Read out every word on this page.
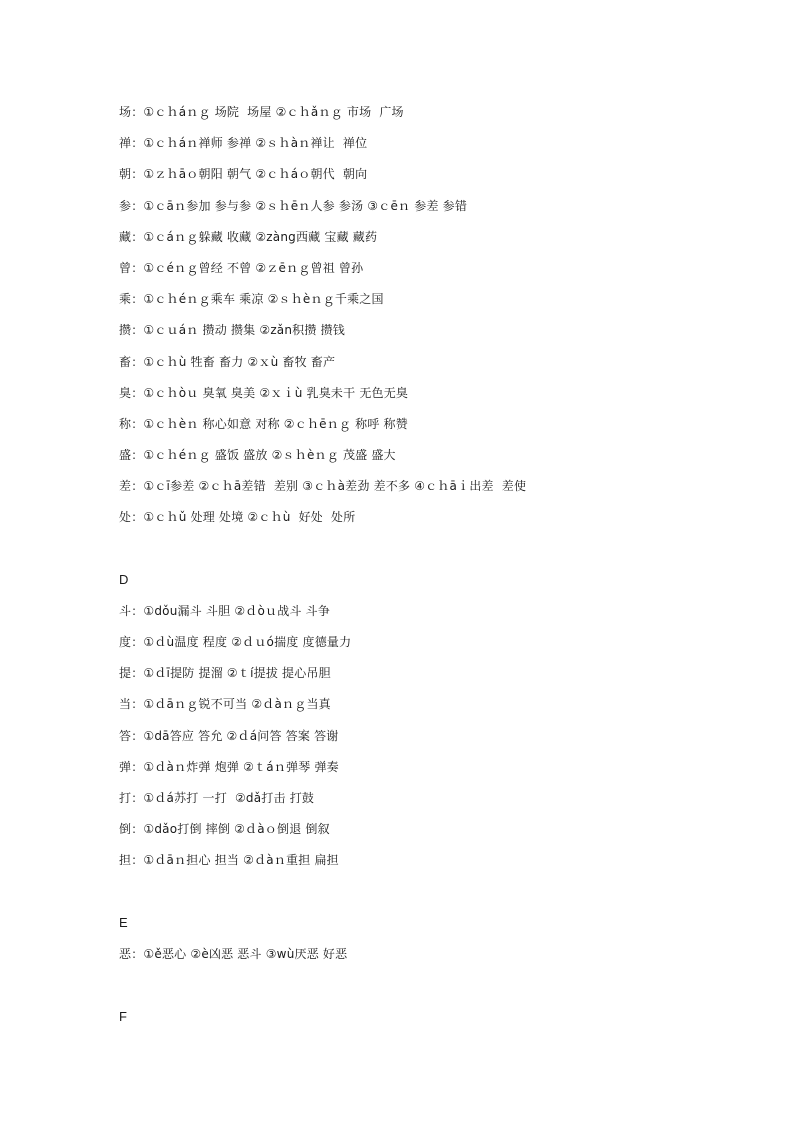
场：①ｃｈáｎｇ 场院  场屋 ②ｃｈǎｎｇ 市场  广场
禅：①ｃｈáｎ禅师 参禅 ②ｓｈàｎ禅让  禅位
朝：①ｚｈāｏ朝阳 朝气 ②ｃｈáｏ朝代  朝向
参：①ｃāｎ参加 参与参 ②ｓｈēｎ人参 参汤 ③ｃēｎ 参差 参错
藏：①ｃáｎｇ躲藏 收藏 ②zàng西藏 宝藏 藏药
曾：①ｃéｎｇ曾经 不曾 ②ｚēｎｇ曾祖 曾孙
乘：①ｃｈéｎｇ乘车 乘凉 ②ｓｈèｎｇ千乘之国
攒：①ｃｕáｎ 攒动 攒集 ②zǎn积攒 攒钱
畜：①ｃｈù 牲畜 畜力 ②ｘù 畜牧 畜产
臭：①ｃｈòｕ 臭氧 臭美 ②ｘｉù 乳臭未干 无色无臭
称：①ｃｈèｎ 称心如意 对称 ②ｃｈēｎｇ 称呼 称赞
盛：①ｃｈéｎｇ 盛饭 盛放 ②ｓｈèｎｇ 茂盛 盛大
差：①ｃī参差 ②ｃｈā差错  差别 ③ｃｈà差劲 差不多 ④ｃｈāｉ出差  差使
处：①ｃｈǔ 处理 处境 ②ｃｈù  好处  处所
D
斗：①dǒu漏斗 斗胆 ②ｄòｕ战斗 斗争
度：①ｄù温度 程度 ②ｄｕó揣度 度德量力
提：①ｄī提防 提溜 ②ｔí提拔 提心吊胆
当：①ｄāｎｇ锐不可当 ②ｄàｎｇ当真
答：①dā答应 答允 ②ｄá问答 答案 答谢
弹：①ｄàｎ炸弹 炮弹 ②ｔáｎ弹琴 弹奏
打：①ｄá苏打 一打  ②dǎ打击 打鼓
倒：①dǎo打倒 摔倒 ②ｄàｏ倒退 倒叙
担：①ｄāｎ担心 担当 ②ｄàｎ重担 扁担
E
恶：①ě恶心 ②è凶恶 恶斗 ③wù厌恶 好恶
F
